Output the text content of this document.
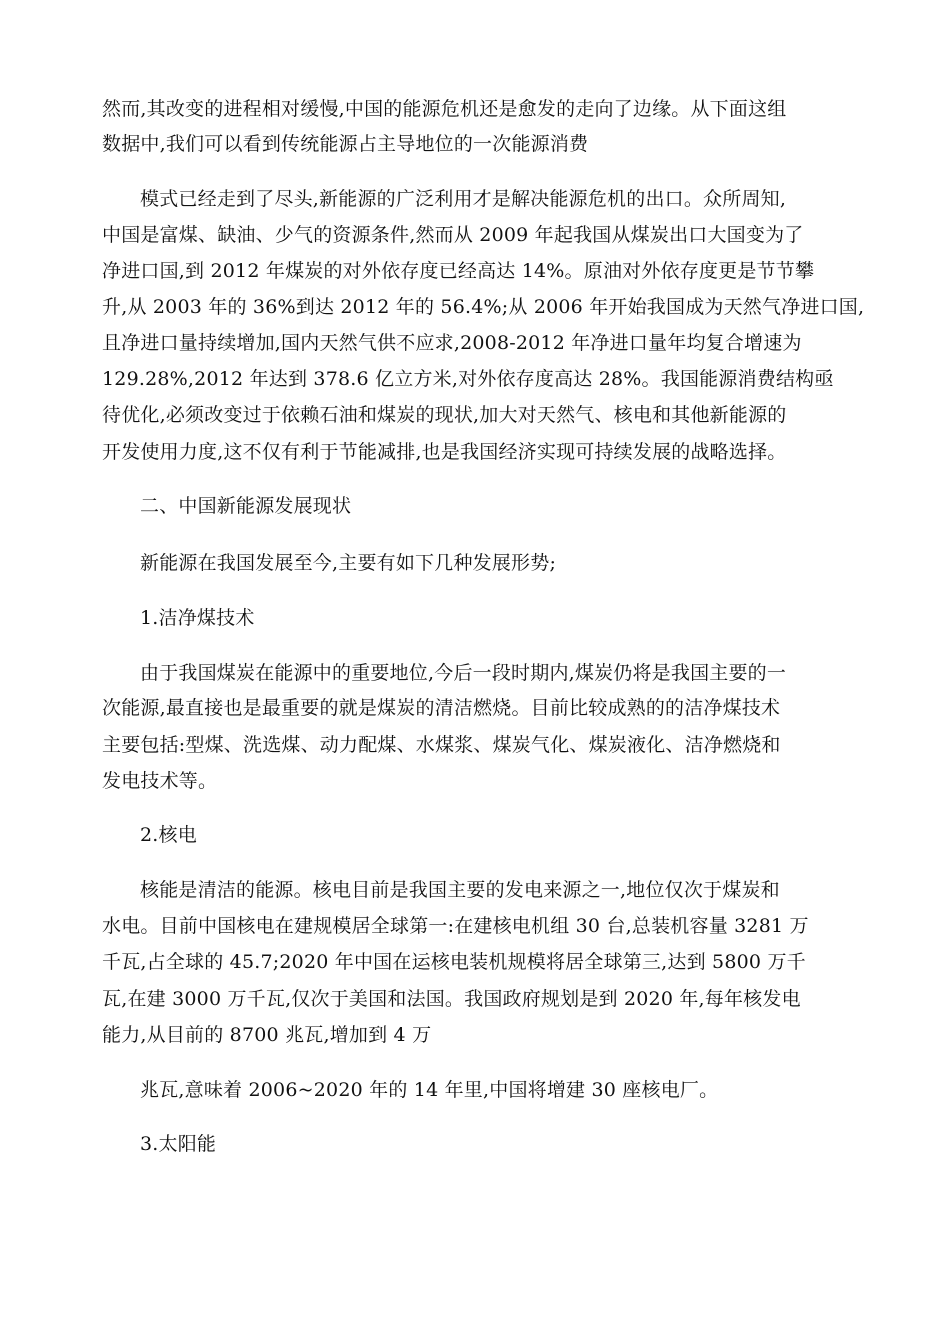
然而,其改变的进程相对缓慢,中国的能源危机还是愈发的走向了边缘。从下面这组
数据中,我们可以看到传统能源占主导地位的一次能源消费
模式已经走到了尽头,新能源的广泛利用才是解决能源危机的出口。众所周知,
中国是富煤、缺油、少气的资源条件,然而从 2009 年起我国从煤炭出口大国变为了
净进口国,到 2012 年煤炭的对外依存度已经高达 14%。原油对外依存度更是节节攀
升,从 2003 年的 36%到达 2012 年的 56.4%;从 2006 年开始我国成为天然气净进口国,
且净进口量持续增加,国内天然气供不应求,2008-2012 年净进口量年均复合增速为
129.28%,2012 年达到 378.6 亿立方米,对外依存度高达 28%。我国能源消费结构亟
待优化,必须改变过于依赖石油和煤炭的现状,加大对天然气、核电和其他新能源的
开发使用力度,这不仅有利于节能减排,也是我国经济实现可持续发展的战略选择。
二、中国新能源发展现状
新能源在我国发展至今,主要有如下几种发展形势;
1.洁净煤技术
由于我国煤炭在能源中的重要地位,今后一段时期内,煤炭仍将是我国主要的一
次能源,最直接也是最重要的就是煤炭的清洁燃烧。目前比较成熟的的洁净煤技术
主要包括:型煤、洗选煤、动力配煤、水煤浆、煤炭气化、煤炭液化、洁净燃烧和
发电技术等。
2.核电
核能是清洁的能源。核电目前是我国主要的发电来源之一,地位仅次于煤炭和
水电。目前中国核电在建规模居全球第一:在建核电机组 30 台,总装机容量 3281 万
千瓦,占全球的 45.7;2020 年中国在运核电装机规模将居全球第三,达到 5800 万千
瓦,在建 3000 万千瓦,仅次于美国和法国。我国政府规划是到 2020 年,每年核发电
能力,从目前的 8700 兆瓦,增加到 4 万
兆瓦,意味着 2006~2020 年的 14 年里,中国将增建 30 座核电厂。
3.太阳能
